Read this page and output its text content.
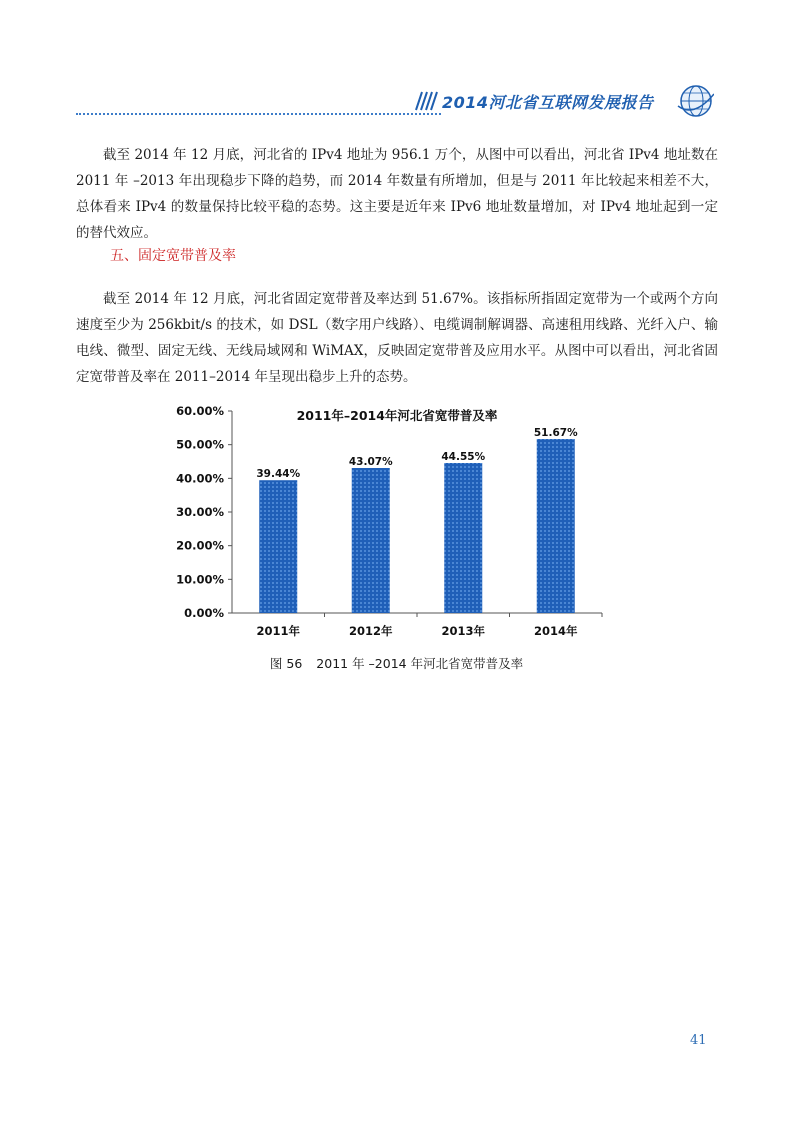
2014河北省互联网发展报告

截至 2014 年 12 月底，河北省的 IPv4 地址为 956.1 万个，从图中可以看出，河北省 IPv4 地址数在 2011 年 –2013 年出现稳步下降的趋势，而 2014 年数量有所增加，但是与 2011 年比较起来相差不大，总体看来 IPv4 的数量保持比较平稳的态势。这主要是近年来 IPv6 地址数量增加，对 IPv4 地址起到一定的替代效应。

五、固定宽带普及率

截至 2014 年 12 月底，河北省固定宽带普及率达到 51.67%。该指标所指固定宽带为一个或两个方向速度至少为 256kbit/s 的技术，如 DSL（数字用户线路）、电缆调制解调器、高速租用线路、光纤入户、输电线、微型、固定无线、无线局域网和 WiMAX，反映固定宽带普及应用水平。从图中可以看出，河北省固定宽带普及率在 2011–2014 年呈现出稳步上升的态势。

2011年–2014年河北省宽带普及率
0.00%
10.00%
20.00%
30.00%
40.00%
50.00%
60.00%
2011年	2012年	2013年	2014年
39.44%
43.07%	44.55%
51.67%
图 56 2011 年 –2014 年河北省宽带普及率
41
